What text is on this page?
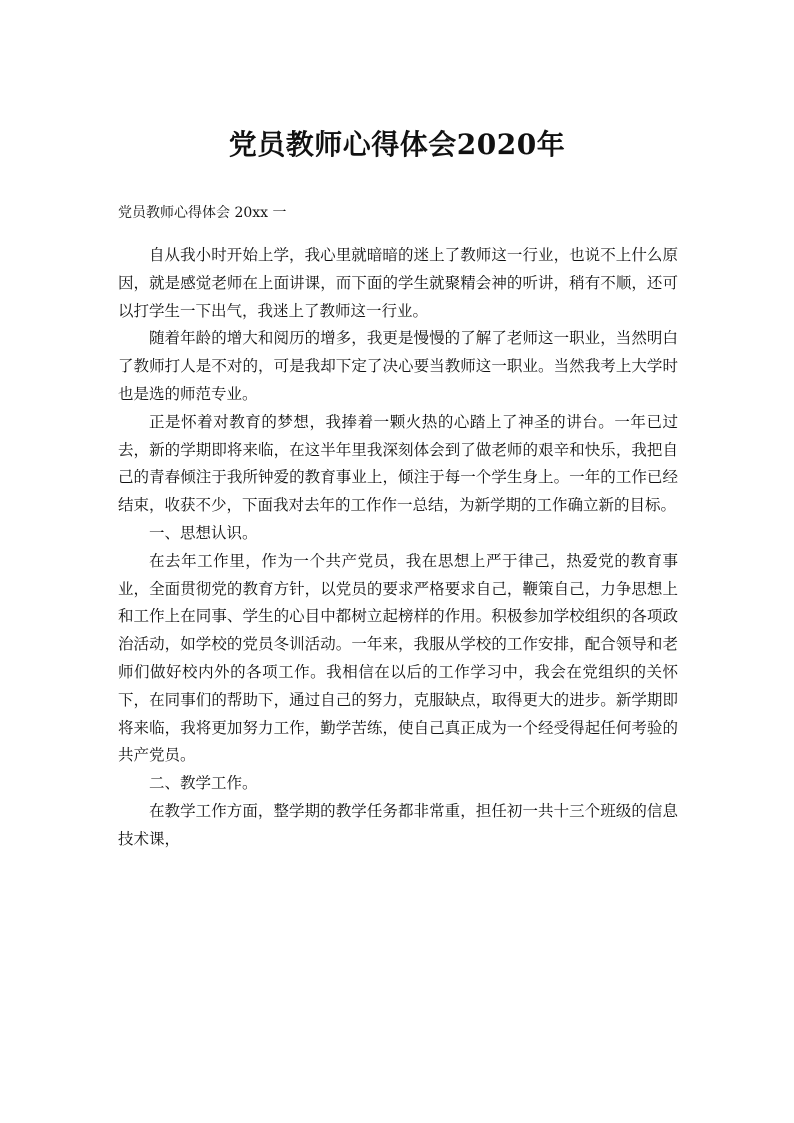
党员教师心得体会2020年
党员教师心得体会 20xx 一

自从我小时开始上学，我心里就暗暗的迷上了教师这一行业，也说不上什么原因，就是感觉老师在上面讲课，而下面的学生就聚精会神的听讲，稍有不顺，还可以打学生一下出气，我迷上了教师这一行业。

随着年龄的增大和阅历的增多，我更是慢慢的了解了老师这一职业，当然明白了教师打人是不对的，可是我却下定了决心要当教师这一职业。当然我考上大学时也是选的师范专业。

正是怀着对教育的梦想，我捧着一颗火热的心踏上了神圣的讲台。一年已过去，新的学期即将来临，在这半年里我深刻体会到了做老师的艰辛和快乐，我把自己的青春倾注于我所钟爱的教育事业上，倾注于每一个学生身上。一年的工作已经结束，收获不少，下面我对去年的工作作一总结，为新学期的工作确立新的目标。

一、思想认识。

在去年工作里，作为一个共产党员，我在思想上严于律己，热爱党的教育事业，全面贯彻党的教育方针，以党员的要求严格要求自己，鞭策自己，力争思想上和工作上在同事、学生的心目中都树立起榜样的作用。积极参加学校组织的各项政治活动，如学校的党员冬训活动。一年来，我服从学校的工作安排，配合领导和老师们做好校内外的各项工作。我相信在以后的工作学习中，我会在党组织的关怀下，在同事们的帮助下，通过自己的努力，克服缺点，取得更大的进步。新学期即将来临，我将更加努力工作，勤学苦练，使自己真正成为一个经受得起任何考验的共产党员。

二、教学工作。

在教学工作方面，整学期的教学任务都非常重，担任初一共十三个班级的信息技术课，
